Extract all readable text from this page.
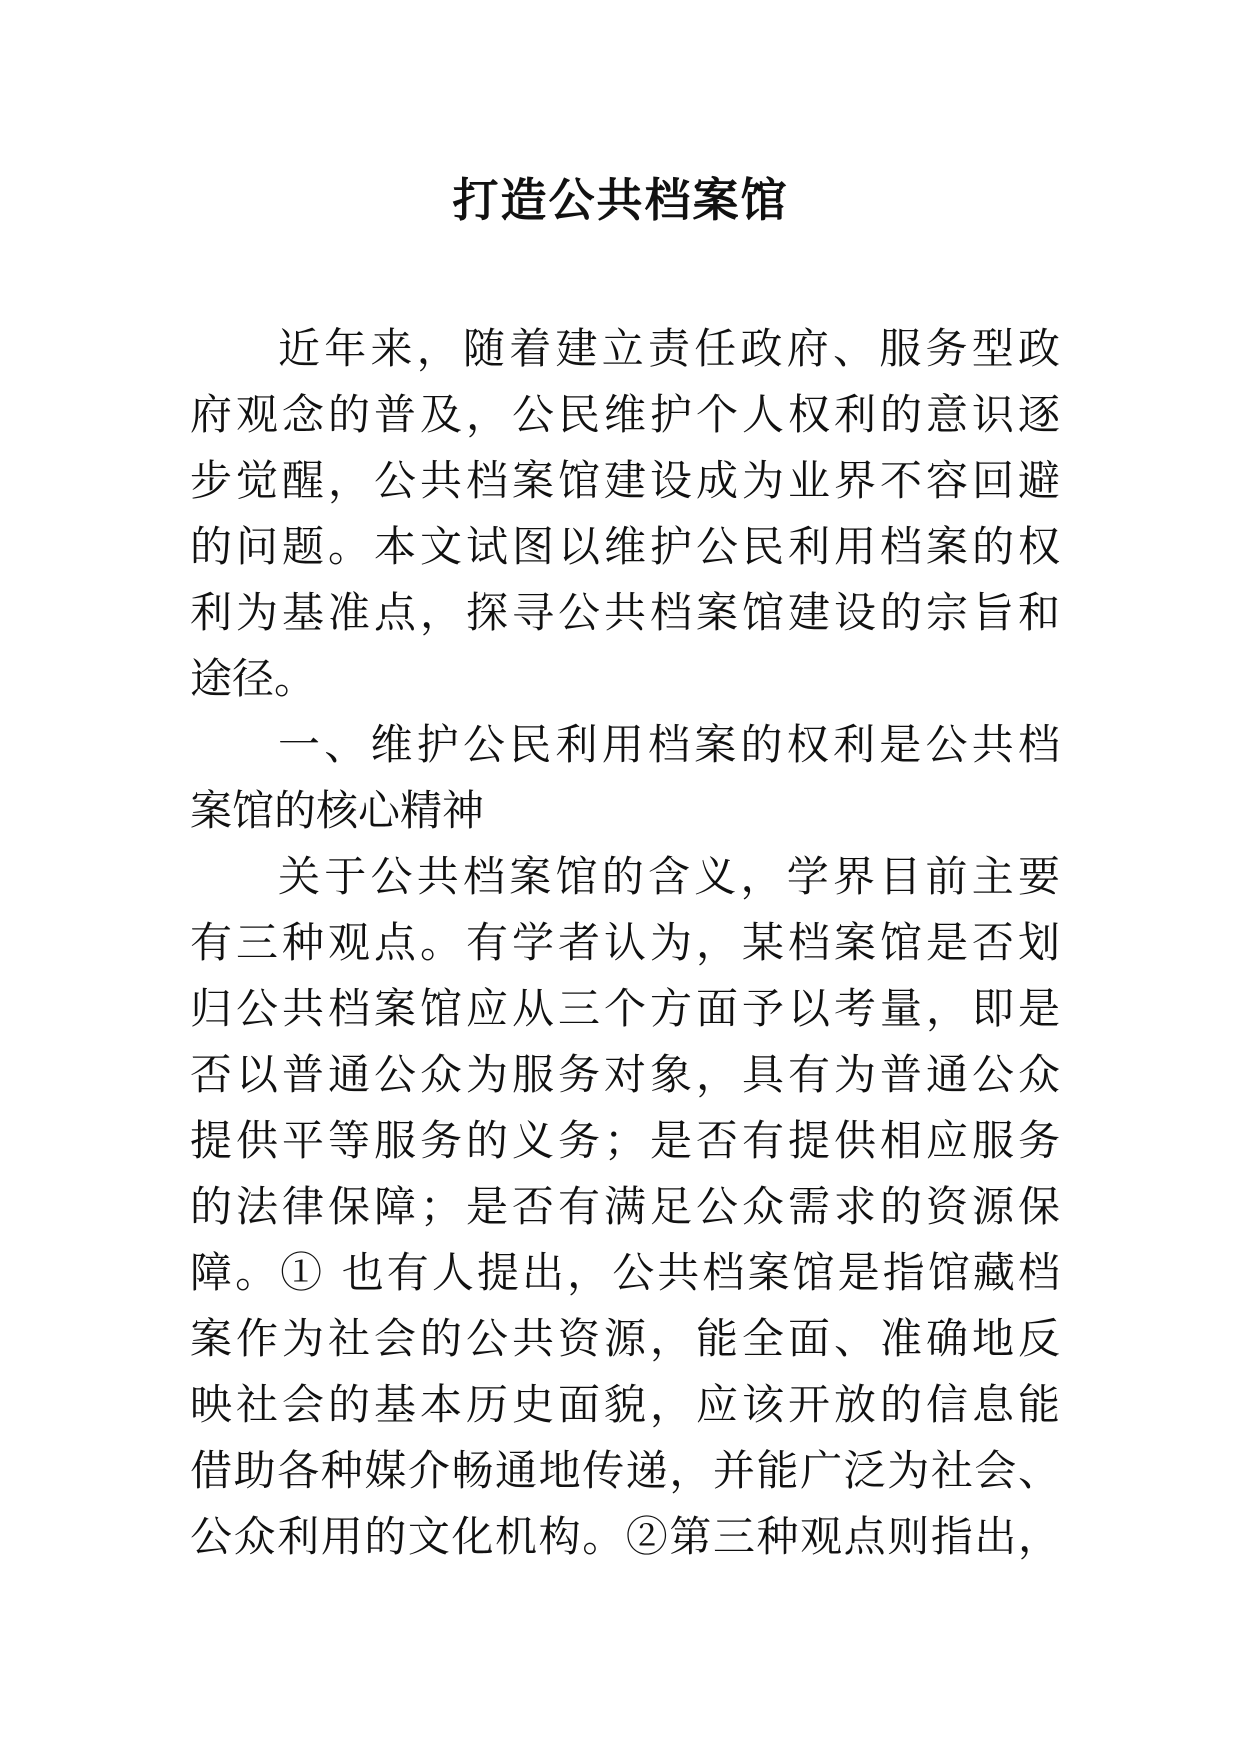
打造公共档案馆
近年来，随着建立责任政府、服务型政
府观念的普及，公民维护个人权利的意识逐
步觉醒，公共档案馆建设成为业界不容回避
的问题。本文试图以维护公民利用档案的权
利为基准点，探寻公共档案馆建设的宗旨和
途径。
一、维护公民利用档案的权利是公共档
案馆的核心精神
关于公共档案馆的含义，学界目前主要
有三种观点。有学者认为，某档案馆是否划
归公共档案馆应从三个方面予以考量，即是
否以普通公众为服务对象，具有为普通公众
提供平等服务的义务；是否有提供相应服务
的法律保障；是否有满足公众需求的资源保
障。① 也有人提出，公共档案馆是指馆藏档
案作为社会的公共资源，能全面、准确地反
映社会的基本历史面貌，应该开放的信息能
借助各种媒介畅通地传递，并能广泛为社会、
公众利用的文化机构。②第三种观点则指出，
